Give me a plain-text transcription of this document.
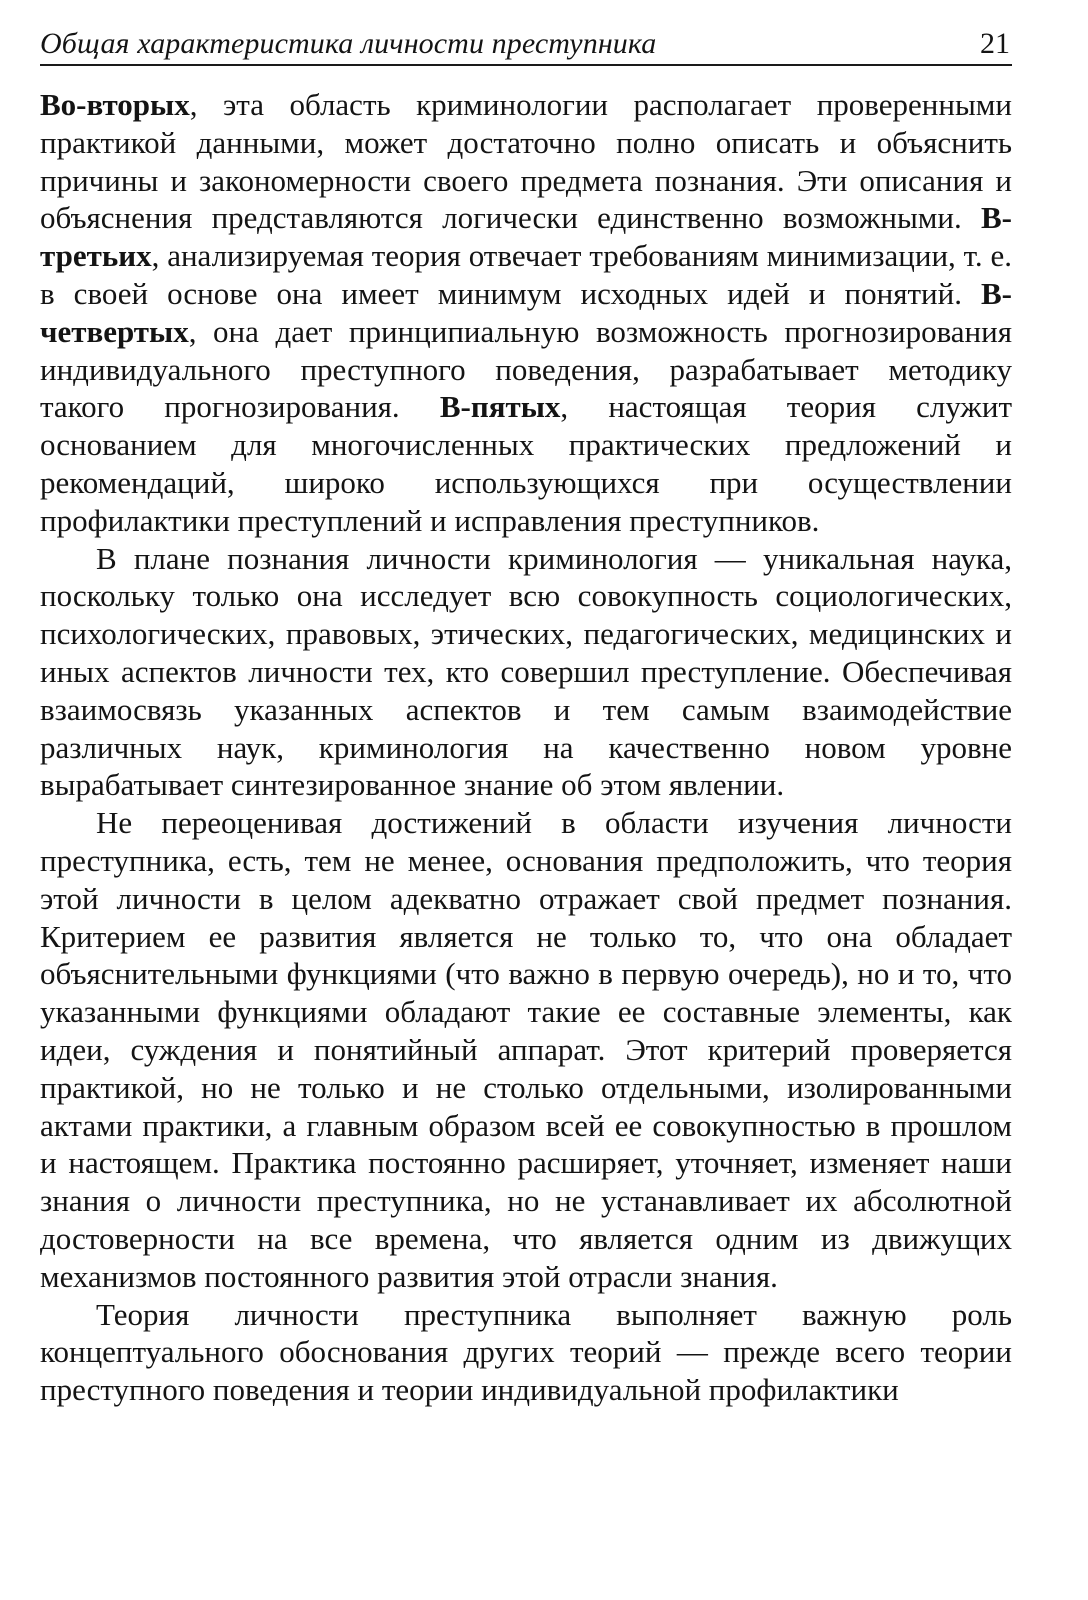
Общая характеристика личности преступника	21

Во-вторых, эта область криминологии располагает проверенными практикой данными, может достаточно полно описать и объяснить причины и закономерности своего предмета познания. Эти описания и объяснения представляются логически единственно возможными. В-третьих, анализируемая теория отвечает требованиям минимизации, т. е. в своей основе она имеет минимум исходных идей и понятий. В-четвертых, она дает принципиальную возможность прогнозирования индивидуального преступного поведения, разрабатывает методику такого прогнозирования. В-пятых, настоящая теория служит основанием для многочисленных практических предложений и рекомендаций, широко использующихся при осуществлении профилактики преступлений и исправления преступников.

В плане познания личности криминология — уникальная наука, поскольку только она исследует всю совокупность социологических, психологических, правовых, этических, педагогических, медицинских и иных аспектов личности тех, кто совершил преступление. Обеспечивая взаимосвязь указанных аспектов и тем самым взаимодействие различных наук, криминология на качественно новом уровне вырабатывает синтезированное знание об этом явлении.

Не переоценивая достижений в области изучения личности преступника, есть, тем не менее, основания предположить, что теория этой личности в целом адекватно отражает свой предмет познания. Критерием ее развития является не только то, что она обладает объяснительными функциями (что важно в первую очередь), но и то, что указанными функциями обладают такие ее составные элементы, как идеи, суждения и понятийный аппарат. Этот критерий проверяется практикой, но не только и не столько отдельными, изолированными актами практики, а главным образом всей ее совокупностью в прошлом и настоящем. Практика постоянно расширяет, уточняет, изменяет наши знания о личности преступника, но не устанавливает их абсолютной достоверности на все времена, что является одним из движущих механизмов постоянного развития этой отрасли знания.

Теория личности преступника выполняет важную роль концептуального обоснования других теорий — прежде всего теории преступного поведения и теории индивидуальной профилактики
